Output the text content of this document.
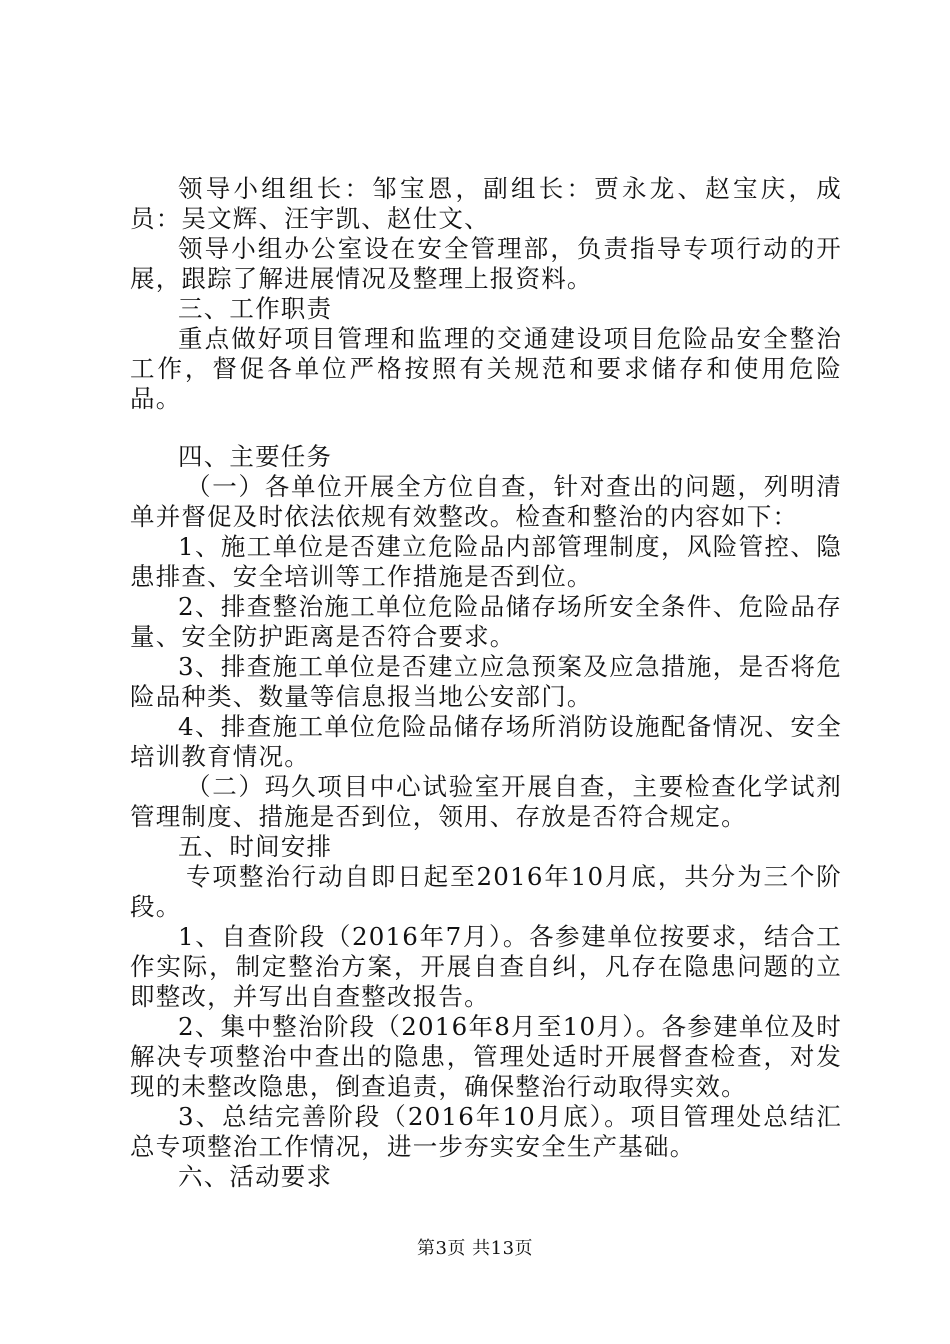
领导小组组长：邹宝恩，副组长：贾永龙、赵宝庆，成员：吴文辉、汪宇凯、赵仕文、

领导小组办公室设在安全管理部，负责指导专项行动的开展，跟踪了解进展情况及整理上报资料。

三、工作职责

重点做好项目管理和监理的交通建设项目危险品安全整治工作，督促各单位严格按照有关规范和要求储存和使用危险品。

四、主要任务

（一）各单位开展全方位自查，针对查出的问题，列明清单并督促及时依法依规有效整改。检查和整治的内容如下：

1、施工单位是否建立危险品内部管理制度，风险管控、隐患排查、安全培训等工作措施是否到位。

2、排查整治施工单位危险品储存场所安全条件、危险品存量、安全防护距离是否符合要求。

3、排查施工单位是否建立应急预案及应急措施，是否将危险品种类、数量等信息报当地公安部门。

4、排查施工单位危险品储存场所消防设施配备情况、安全培训教育情况。

（二）玛久项目中心试验室开展自查，主要检查化学试剂管理制度、措施是否到位，领用、存放是否符合规定。

五、时间安排

专项整治行动自即日起至2016年10月底，共分为三个阶段。

1、自查阶段（2016年7月）。各参建单位按要求，结合工作实际，制定整治方案，开展自查自纠，凡存在隐患问题的立即整改，并写出自查整改报告。

2、集中整治阶段（2016年8月至10月）。各参建单位及时解决专项整治中查出的隐患，管理处适时开展督查检查，对发现的未整改隐患，倒查追责，确保整治行动取得实效。

3、总结完善阶段（2016年10月底）。项目管理处总结汇总专项整治工作情况，进一步夯实安全生产基础。

六、活动要求

第3页 共13页
